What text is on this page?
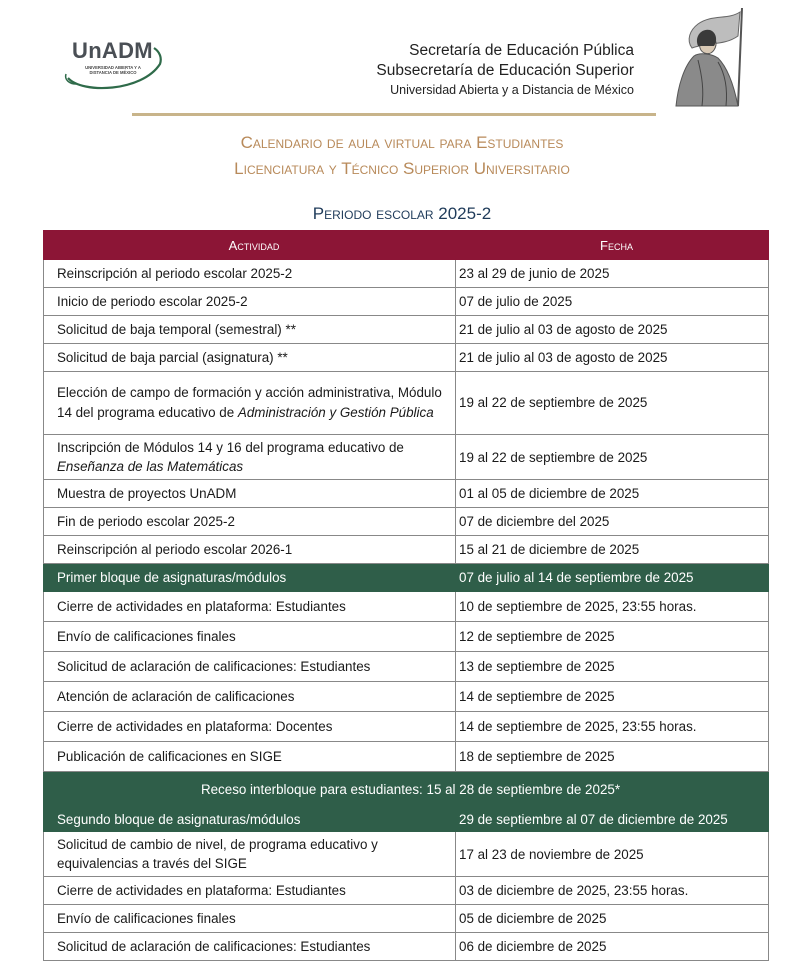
UnADM
UNIVERSIDAD ABIERTA Y A DISTANCIA DE MÉXICO
Secretaría de Educación Pública
Subsecretaría de Educación Superior
Universidad Abierta y a Distancia de México
Calendario de aula virtual para Estudiantes
Licenciatura y Técnico Superior Universitario
Periodo escolar 2025-2
Actividad	Fecha
Reinscripción al periodo escolar 2025-2	23 al 29 de junio de 2025
Inicio de periodo escolar 2025-2	07 de julio de 2025
Solicitud de baja temporal (semestral) **	21 de julio al 03 de agosto de 2025
Solicitud de baja parcial (asignatura) **	21 de julio al 03 de agosto de 2025
Elección de campo de formación y acción administrativa, Módulo 14 del programa educativo de Administración y Gestión Pública	19 al 22 de septiembre de 2025
Inscripción de Módulos 14 y 16 del programa educativo de Enseñanza de las Matemáticas	19 al 22 de septiembre de 2025
Muestra de proyectos UnADM	01 al 05 de diciembre de 2025
Fin de periodo escolar 2025-2	07 de diciembre del 2025
Reinscripción al periodo escolar 2026-1	15 al 21 de diciembre de 2025
Primer bloque de asignaturas/módulos	07 de julio al 14 de septiembre de 2025
Cierre de actividades en plataforma: Estudiantes	10 de septiembre de 2025, 23:55 horas.
Envío de calificaciones finales	12 de septiembre de 2025
Solicitud de aclaración de calificaciones: Estudiantes	13 de septiembre de 2025
Atención de aclaración de calificaciones	14 de septiembre de 2025
Cierre de actividades en plataforma: Docentes	14 de septiembre de 2025, 23:55 horas.
Publicación de calificaciones en SIGE	18 de septiembre de 2025
Receso interbloque para estudiantes: 15 al 28 de septiembre de 2025*	
Segundo bloque de asignaturas/módulos	29 de septiembre al 07 de diciembre de 2025
Solicitud de cambio de nivel, de programa educativo y equivalencias a través del SIGE	17 al 23 de noviembre de 2025
Cierre de actividades en plataforma: Estudiantes	03 de diciembre de 2025, 23:55 horas.
Envío de calificaciones finales	05 de diciembre de 2025
Solicitud de aclaración de calificaciones: Estudiantes	06 de diciembre de 2025
